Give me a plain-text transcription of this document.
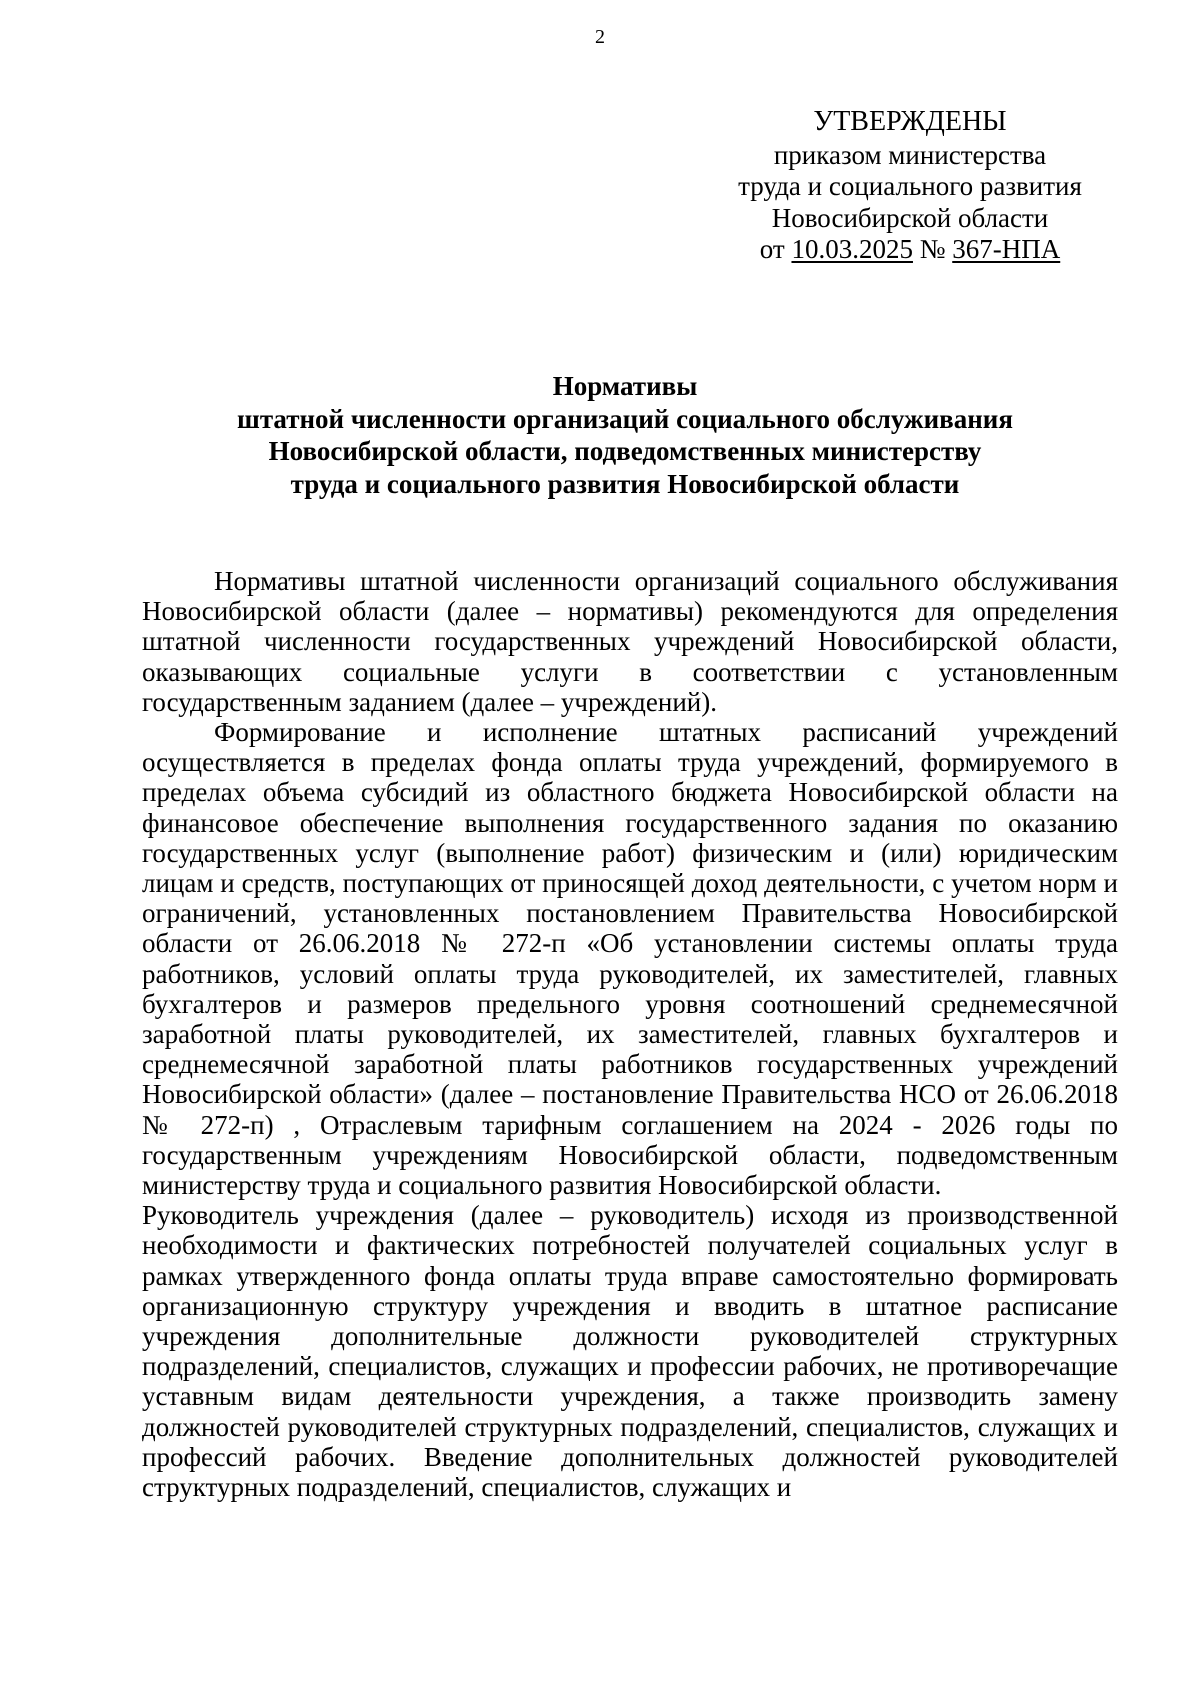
2
УТВЕРЖДЕНЫ
приказом министерства
труда и социального развития
Новосибирской области
от 10.03.2025 № 367-НПА
Нормативы
штатной численности организаций социального обслуживания
Новосибирской области, подведомственных министерству
труда и социального развития Новосибирской области

Нормативы штатной численности организаций социального обслуживания Новосибирской области (далее – нормативы) рекомендуются для определения штатной численности государственных учреждений Новосибирской области, оказывающих социальные услуги в соответствии с установленным государственным заданием (далее – учреждений).

Формирование и исполнение штатных расписаний учреждений осуществляется в пределах фонда оплаты труда учреждений, формируемого в пределах объема субсидий из областного бюджета Новосибирской области на финансовое обеспечение выполнения государственного задания по оказанию государственных услуг (выполнение работ) физическим и (или) юридическим лицам и средств, поступающих от приносящей доход деятельности, с учетом норм и ограничений, установленных постановлением Правительства Новосибирской области от 26.06.2018 № 272-п «Об установлении системы оплаты труда работников, условий оплаты труда руководителей, их заместителей, главных бухгалтеров и размеров предельного уровня соотношений среднемесячной заработной платы руководителей, их заместителей, главных бухгалтеров и среднемесячной заработной платы работников государственных учреждений Новосибирской области» (далее – постановление Правительства НСО от 26.06.2018 № 272-п) , Отраслевым тарифным соглашением на 2024 - 2026 годы по государственным учреждениям Новосибирской области, подведомственным министерству труда и социального развития Новосибирской области.

Руководитель учреждения (далее – руководитель) исходя из производственной необходимости и фактических потребностей получателей социальных услуг в рамках утвержденного фонда оплаты труда вправе самостоятельно формировать организационную структуру учреждения и вводить в штатное расписание учреждения дополнительные должности руководителей структурных подразделений, специалистов, служащих и профессии рабочих, не противоречащие уставным видам деятельности учреждения, а также производить замену должностей руководителей структурных подразделений, специалистов, служащих и профессий рабочих. Введение дополнительных должностей руководителей структурных подразделений, специалистов, служащих и
